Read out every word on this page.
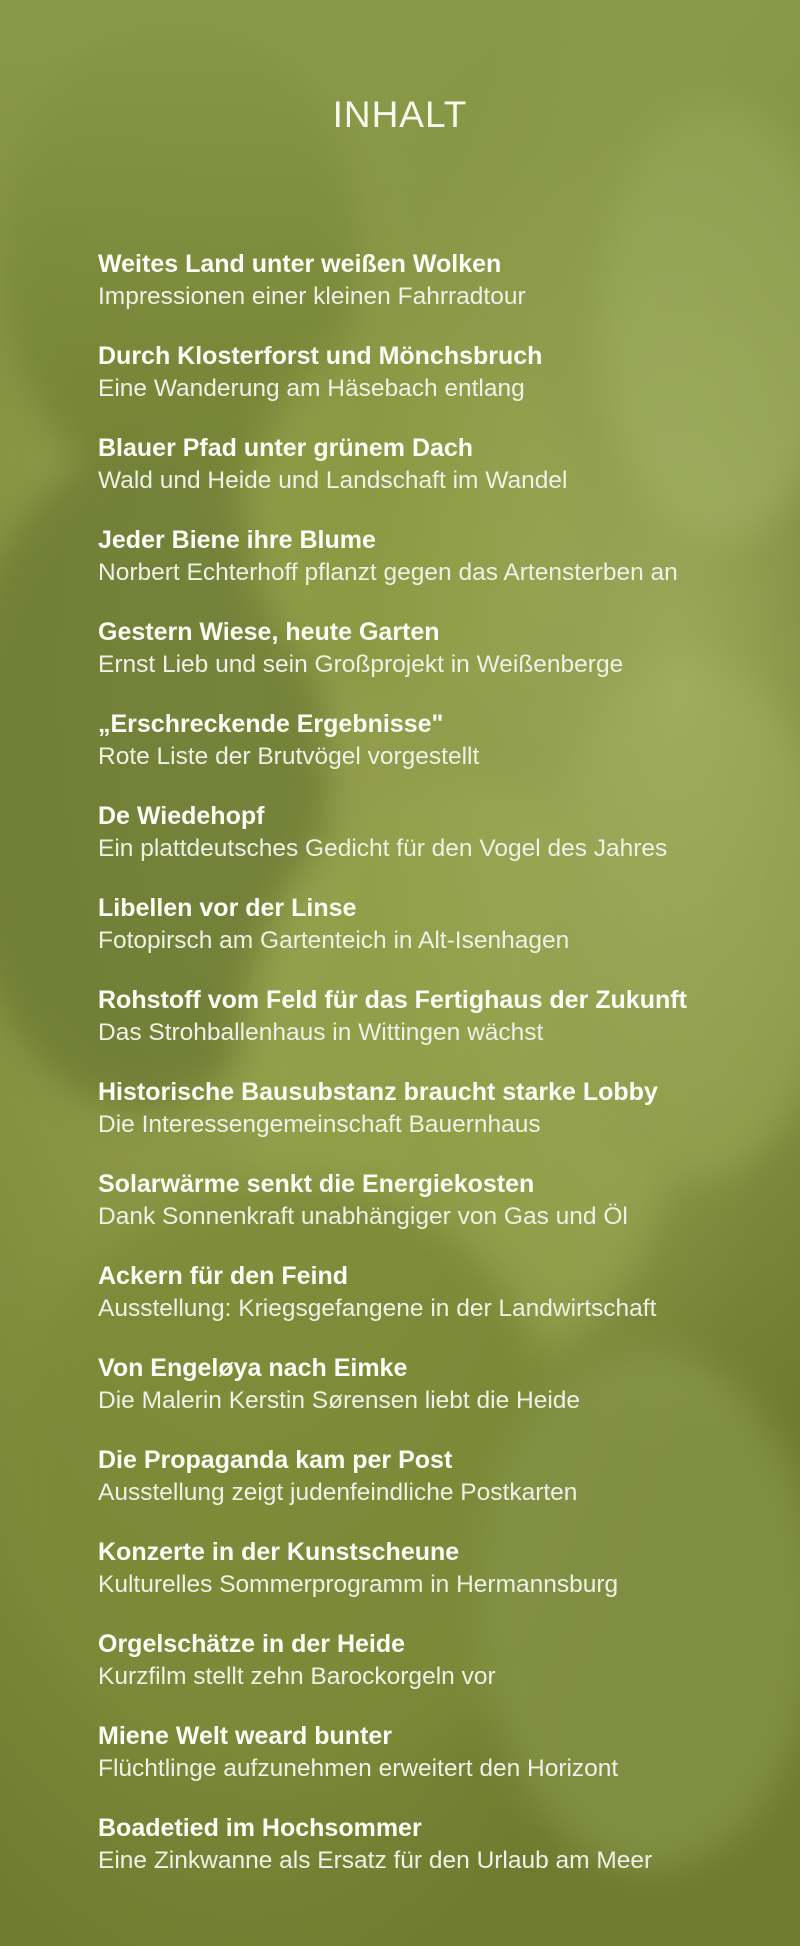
INHALT
Weites Land unter weißen Wolken
Impressionen einer kleinen Fahrradtour
Durch Klosterforst und Mönchsbruch
Eine Wanderung am Häsebach entlang
Blauer Pfad unter grünem Dach
Wald und Heide und Landschaft im Wandel
Jeder Biene ihre Blume
Norbert Echterhoff pflanzt gegen das Artensterben an
Gestern Wiese, heute Garten
Ernst Lieb und sein Großprojekt in Weißenberge
„Erschreckende Ergebnisse"
Rote Liste der Brutvögel vorgestellt
De Wiedehopf
Ein plattdeutsches Gedicht für den Vogel des Jahres
Libellen vor der Linse
Fotopirsch am Gartenteich in Alt-Isenhagen
Rohstoff vom Feld für das Fertighaus der Zukunft
Das Strohballenhaus in Wittingen wächst
Historische Bausubstanz braucht starke Lobby
Die Interessengemeinschaft Bauernhaus
Solarwärme senkt die Energiekosten
Dank Sonnenkraft unabhängiger von Gas und Öl
Ackern für den Feind
Ausstellung: Kriegsgefangene in der Landwirtschaft
Von Engeløya nach Eimke
Die Malerin Kerstin Sørensen liebt die Heide
Die Propaganda kam per Post
Ausstellung zeigt judenfeindliche Postkarten
Konzerte in der Kunstscheune
Kulturelles Sommerprogramm in Hermannsburg
Orgelschätze in der Heide
Kurzfilm stellt zehn Barockorgeln vor
Miene Welt weard bunter
Flüchtlinge aufzunehmen erweitert den Horizont
Boadetied im Hochsommer
Eine Zinkwanne als Ersatz für den Urlaub am Meer
